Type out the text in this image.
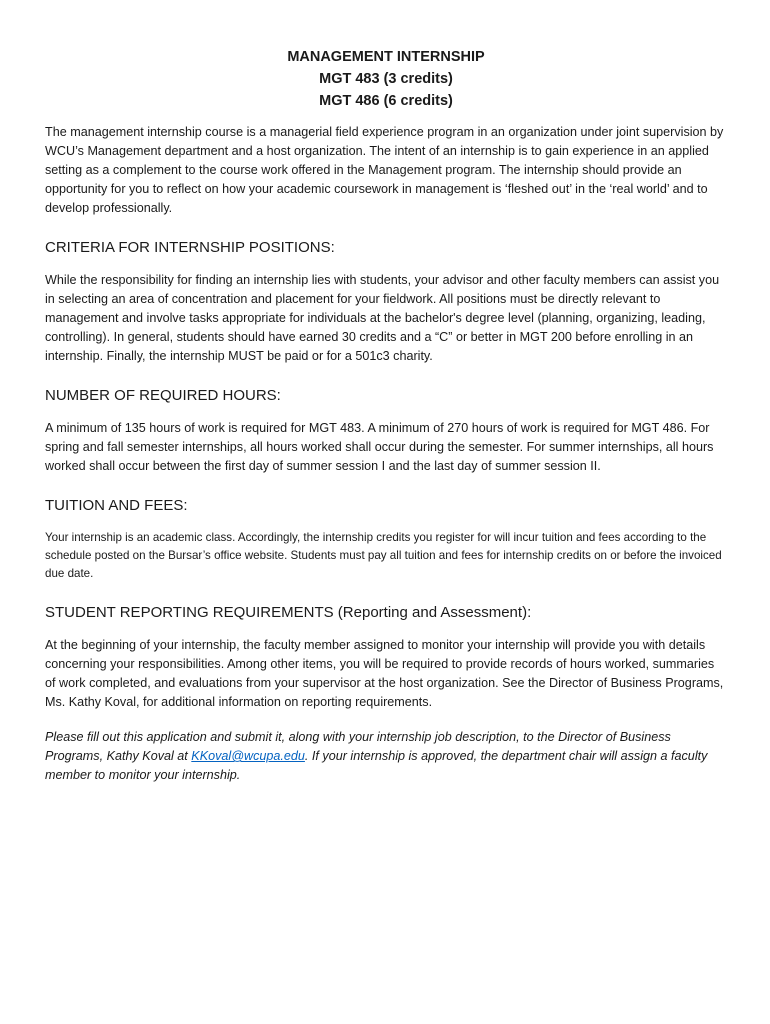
MANAGEMENT INTERNSHIP
MGT 483 (3 credits)
MGT 486 (6 credits)

The management internship course is a managerial field experience program in an organization under joint supervision by WCU’s Management department and a host organization. The intent of an internship is to gain experience in an applied setting as a complement to the course work offered in the Management program. The internship should provide an opportunity for you to reflect on how your academic coursework in management is ‘fleshed out’ in the ‘real world’ and to develop professionally.

CRITERIA FOR INTERNSHIP POSITIONS:

While the responsibility for finding an internship lies with students, your advisor and other faculty members can assist you in selecting an area of concentration and placement for your fieldwork. All positions must be directly relevant to management and involve tasks appropriate for individuals at the bachelor's degree level (planning, organizing, leading, controlling). In general, students should have earned 30 credits and a “C” or better in MGT 200 before enrolling in an internship. Finally, the internship MUST be paid or for a 501c3 charity.

NUMBER OF REQUIRED HOURS:

A minimum of 135 hours of work is required for MGT 483. A minimum of 270 hours of work is required for MGT 486. For spring and fall semester internships, all hours worked shall occur during the semester. For summer internships, all hours worked shall occur between the first day of summer session I and the last day of summer session II.

TUITION AND FEES:

Your internship is an academic class. Accordingly, the internship credits you register for will incur tuition and fees according to the schedule posted on the Bursar’s office website. Students must pay all tuition and fees for internship credits on or before the invoiced due date.

STUDENT REPORTING REQUIREMENTS (Reporting and Assessment):

At the beginning of your internship, the faculty member assigned to monitor your internship will provide you with details concerning your responsibilities. Among other items, you will be required to provide records of hours worked, summaries of work completed, and evaluations from your supervisor at the host organization. See the Director of Business Programs, Ms. Kathy Koval, for additional information on reporting requirements.

Please fill out this application and submit it, along with your internship job description, to the Director of Business Programs, Kathy Koval at KKoval@wcupa.edu. If your internship is approved, the department chair will assign a faculty member to monitor your internship.
